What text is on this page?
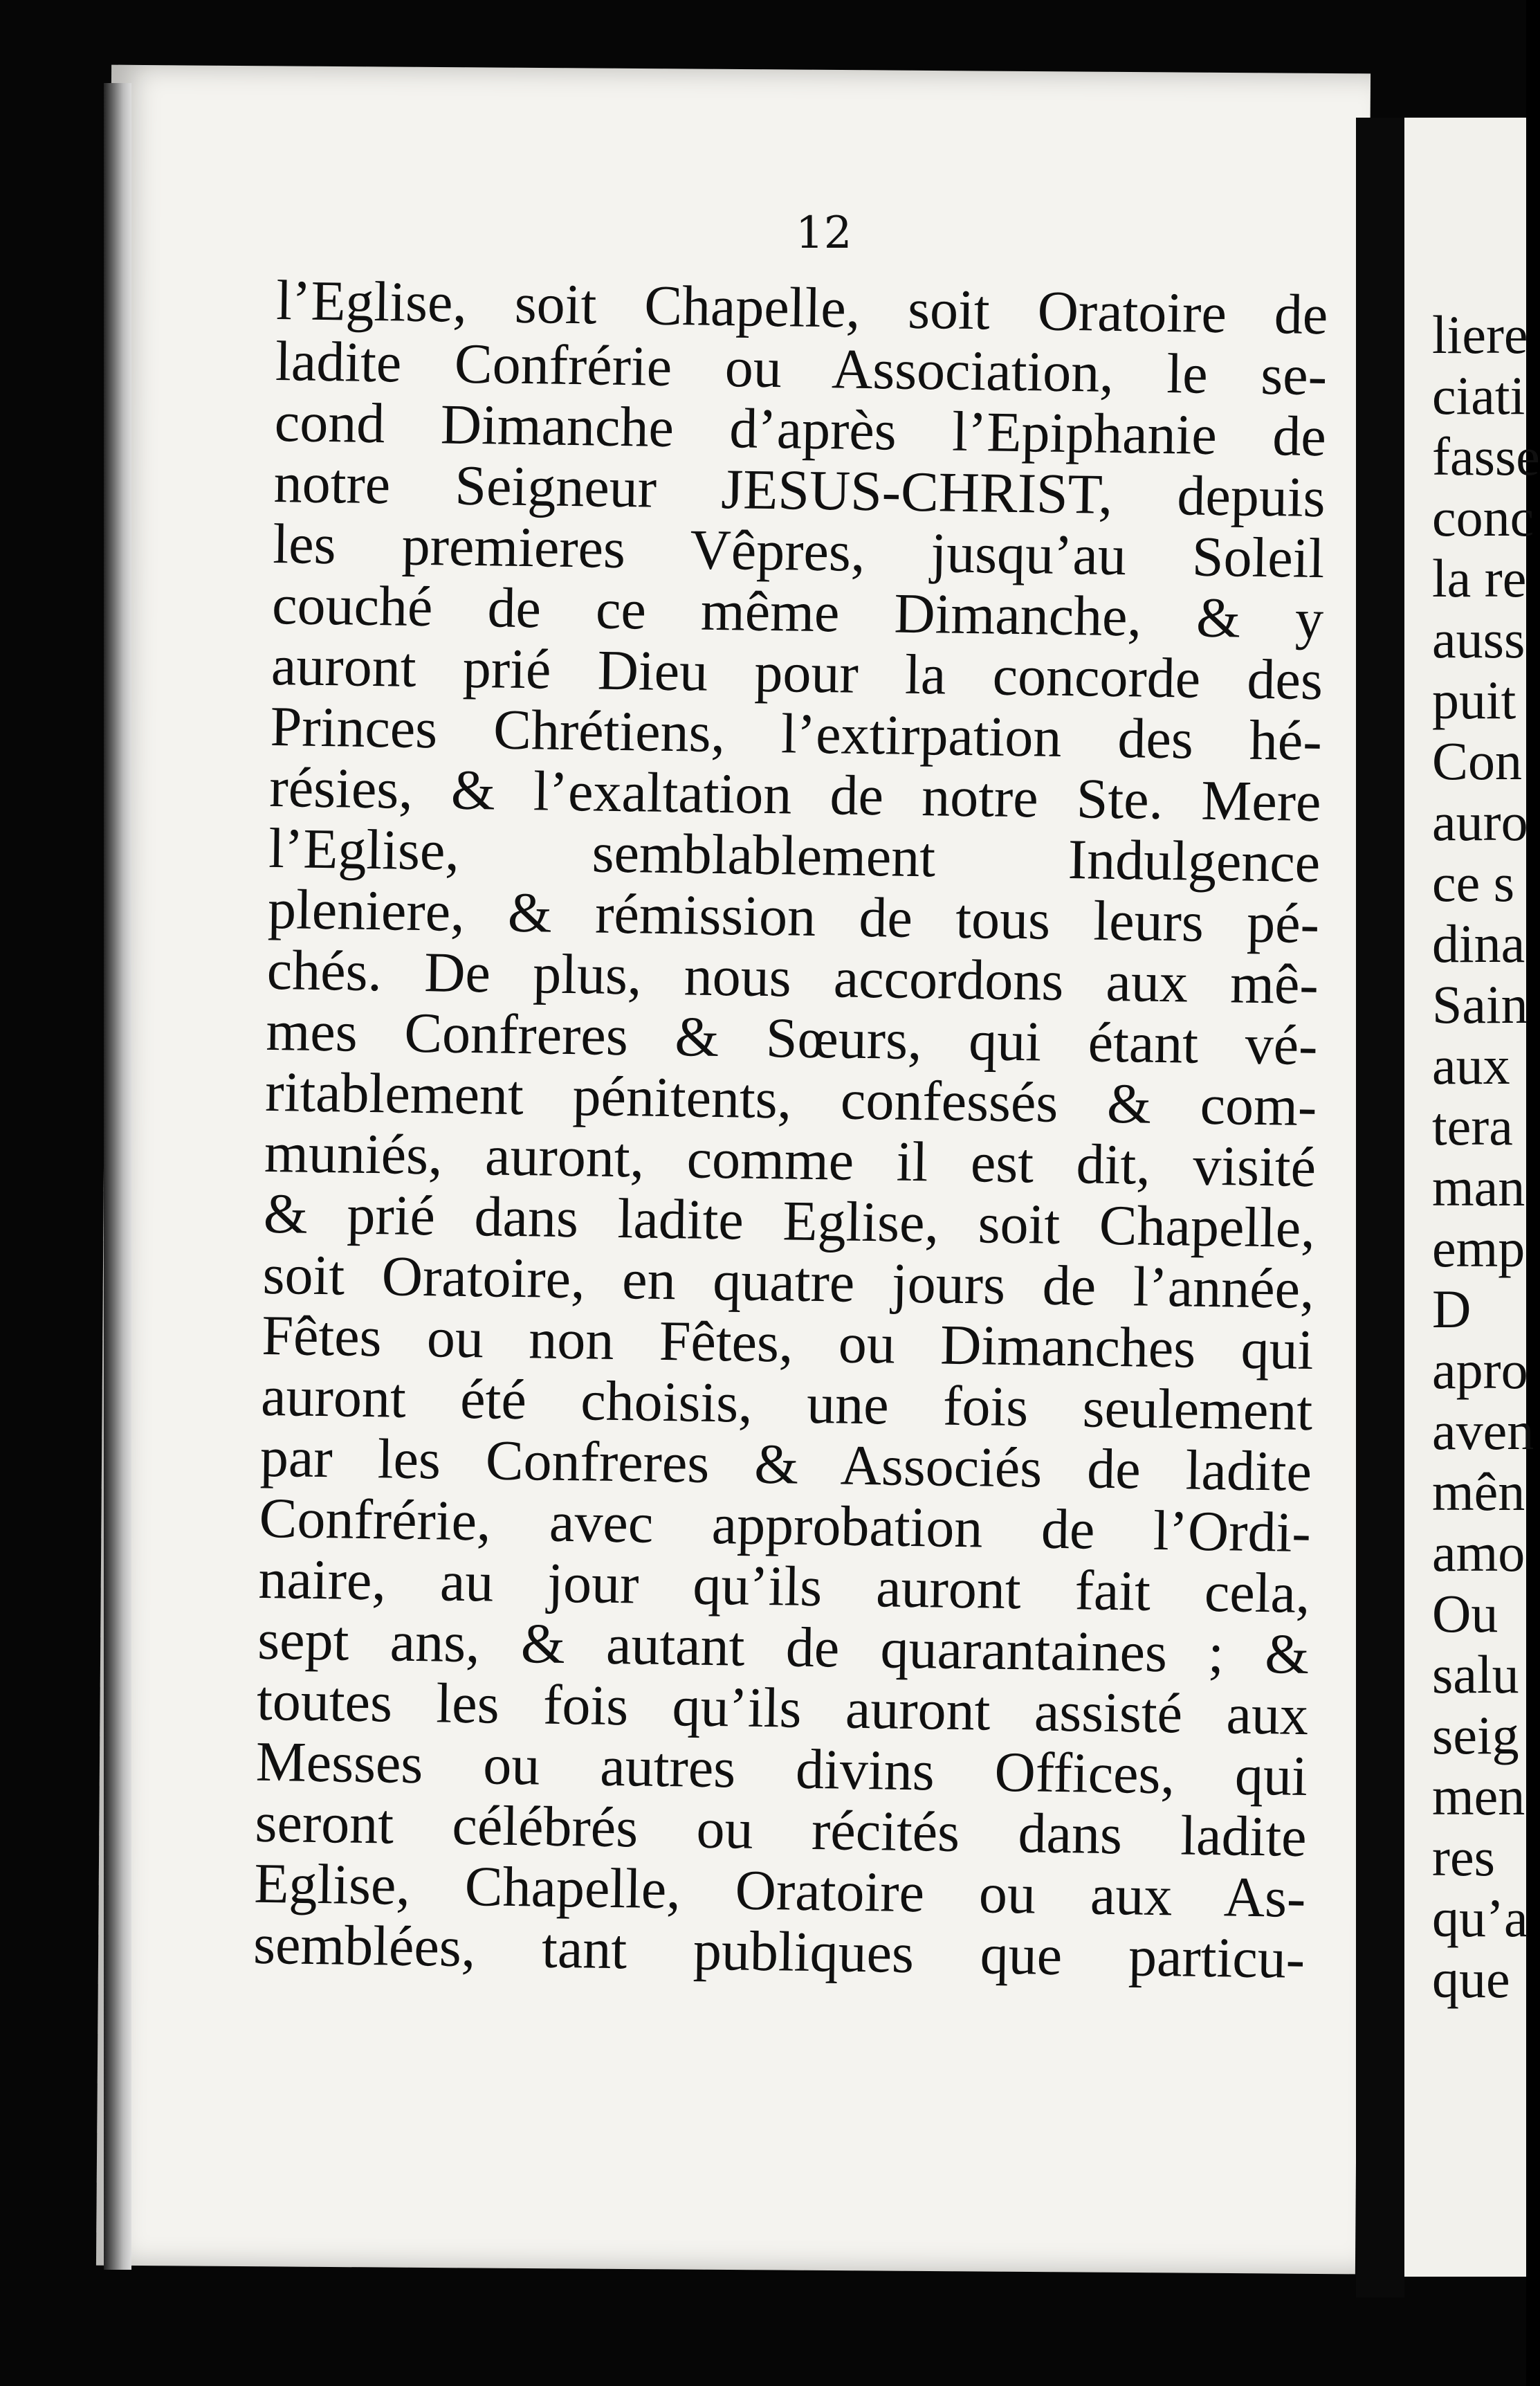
12
l’Eglise, soit Chapelle, soit Oratoire de
ladite Confrérie ou Association, le se-
cond Dimanche d’après l’Epiphanie de
notre Seigneur JESUS-CHRIST, depuis
les premieres Vêpres, jusqu’au Soleil
couché de ce même Dimanche, & y
auront prié Dieu pour la concorde des
Princes Chrétiens, l’extirpation des hé-
résies, & l’exaltation de notre Ste. Mere
l’Eglise, semblablement Indulgence
pleniere, & rémission de tous leurs pé-
chés. De plus, nous accordons aux mê-
mes Confreres & Sœurs, qui étant vé-
ritablement pénitents, confessés & com-
muniés, auront, comme il est dit, visité
& prié dans ladite Eglise, soit Chapelle,
soit Oratoire, en quatre jours de l’année,
Fêtes ou non Fêtes, ou Dimanches qui
auront été choisis, une fois seulement
par les Confreres & Associés de ladite
Confrérie, avec approbation de l’Ordi-
naire, au jour qu’ils auront fait cela,
sept ans, & autant de quarantaines ; &
toutes les fois qu’ils auront assisté aux
Messes ou autres divins Offices, qui
seront célébrés ou récités dans ladite
Eglise, Chapelle, Oratoire ou aux As-
semblées, tant publiques que particu-
liere
ciati
fasse
conc
la re
auss
puit
Con
auro
ce s
dina
Sain
aux
tera
man
emp
D
apro
aven
mên
amo
Ou
salu
seig
men
res
qu’a
que
